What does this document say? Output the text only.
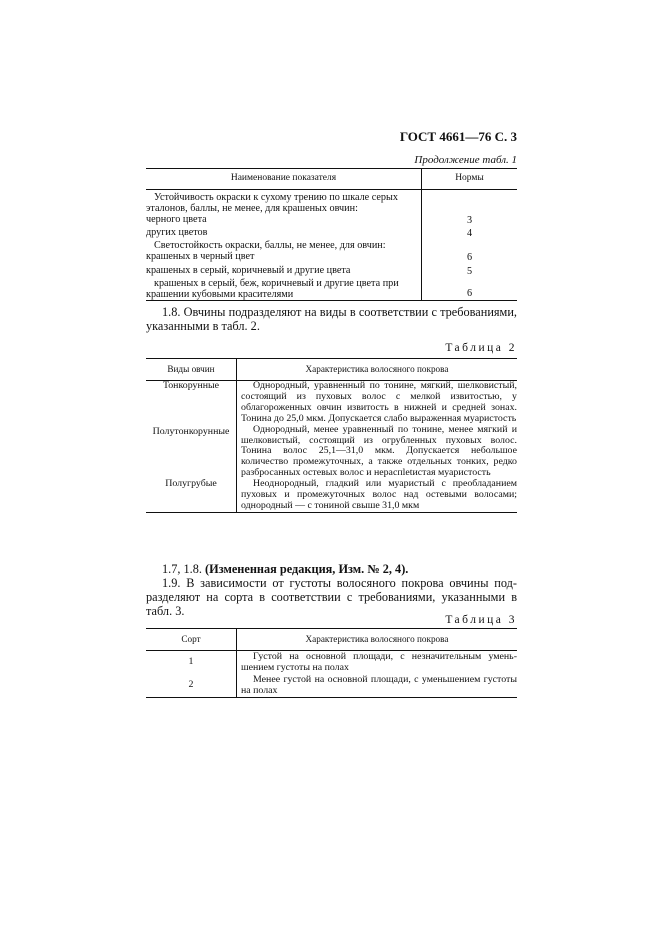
ГОСТ 4661—76 С. 3
Продолжение табл. 1
Наименование показателя	Нормы
Устойчивость окраски к сухому трению по шкале серых эталонов, баллы, не менее, для крашеных овчин:	
черного цвета	3
других цветов	4
Светостойкость окраски, баллы, не менее, для овчин:	
крашеных в черный цвет	6
крашеных в серый, коричневый и другие цвета	5
крашеных в серый, беж, коричневый и другие цвета при крашении кубовыми красителями	6
1.8. Овчины подразделяют на виды в соответствии с требованиями, указанными в табл. 2.
Таблица 2
Виды овчин	Характеристика волосяного покрова
Тонкорунные	Однородный, уравненный по тонине, мягкий, шелковистый, состоящий из пуховых волос с мелкой извитостью, у облагороженных овчин извитость в нижней и средней зонах. Тонина до 25,0 мкм. Допускается слабо выраженная муаристость
Полутонкорунные	Однородный, менее уравненный по тонине, менее мягкий и шелковистый, состоящий из огрубленных пуховых волос. Тонина волос 25,1—31,0 мкм. Допускается небольшое количество промежуточных, а также отдельных тонких, редко разбросанных остевых волос и нераспletистая муаристость
Полугрубые	Неоднородный, гладкий или муаристый с преобладанием пуховых и промежуточных волос над остевыми волосами; однородный — с тониной свыше 31,0 мкм
1.7, 1.8. (Измененная редакция, Изм. № 2, 4).
1.9. В зависимости от густоты волосяного покрова овчины подразделяют на сорта в соответствии с требованиями, указанными в табл. 3.
Таблица 3
Сорт	Характеристика волосяного покрова
1	Густой на основной площади, с незначительным уменьшением густоты на полах
2	Менее густой на основной площади, с уменьшением густоты на полах
